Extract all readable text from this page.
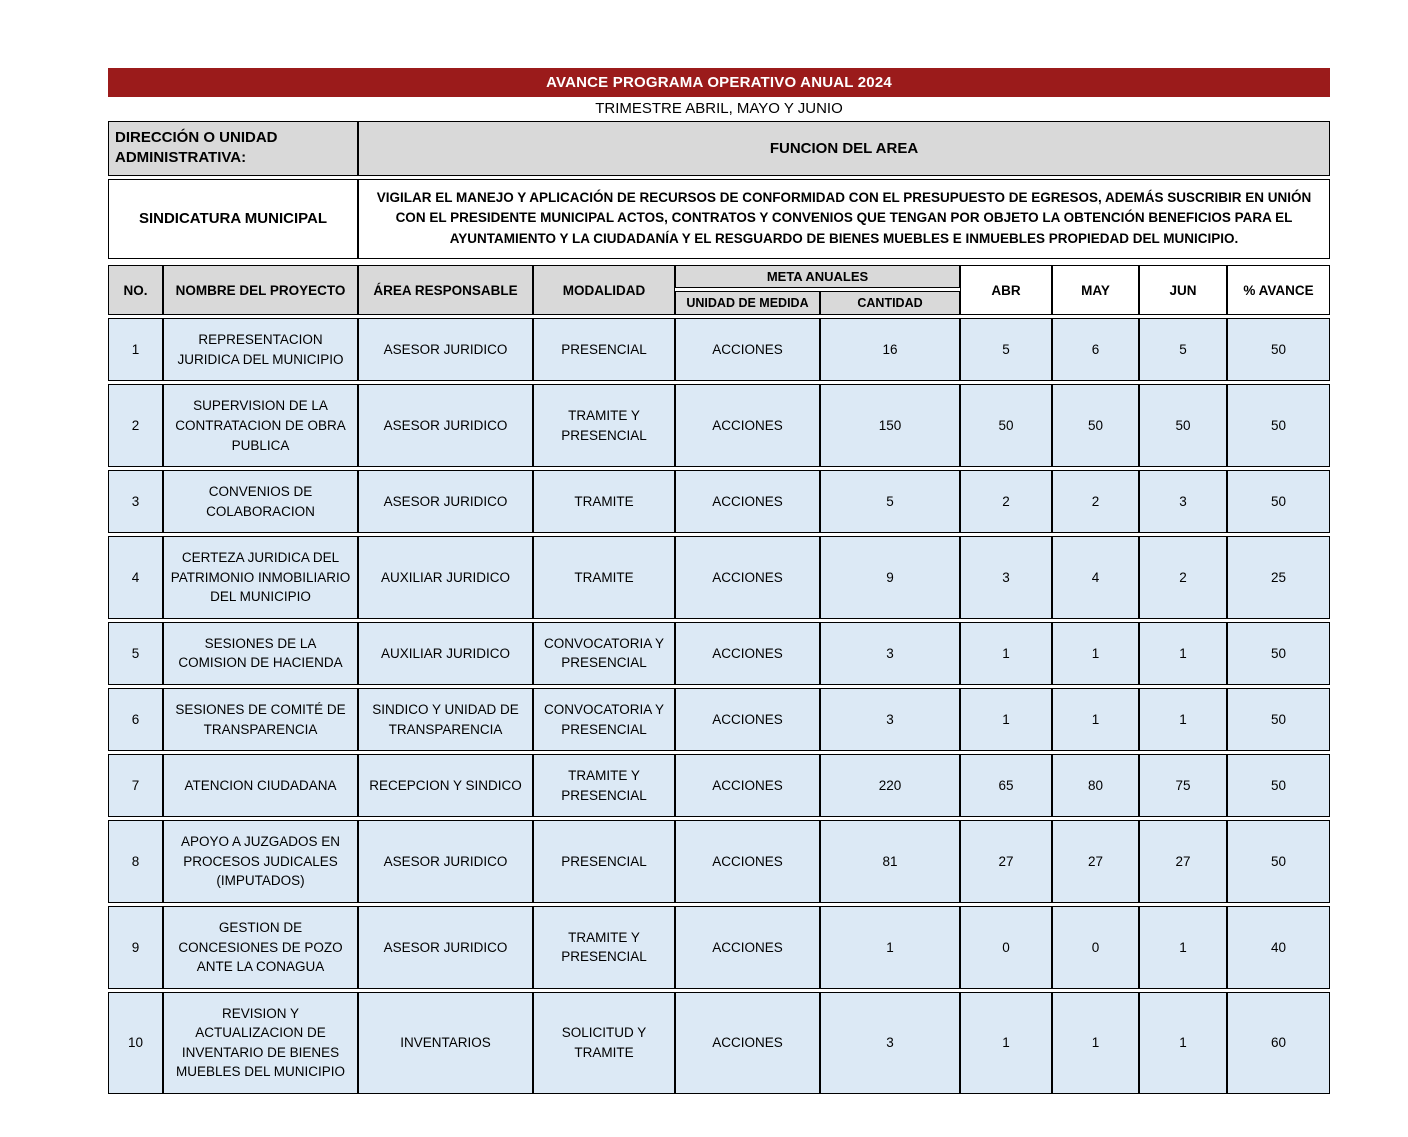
AVANCE PROGRAMA OPERATIVO ANUAL 2024
TRIMESTRE ABRIL, MAYO Y JUNIO
DIRECCIÓN O UNIDAD ADMINISTRATIVA:	FUNCION DEL AREA
SINDICATURA MUNICIPAL	VIGILAR EL MANEJO Y APLICACIÓN DE RECURSOS DE CONFORMIDAD CON EL PRESUPUESTO DE EGRESOS, ADEMÁS SUSCRIBIR EN UNIÓN CON EL PRESIDENTE MUNICIPAL ACTOS, CONTRATOS Y CONVENIOS QUE TENGAN POR OBJETO LA OBTENCIÓN BENEFICIOS PARA EL AYUNTAMIENTO Y LA CIUDADANÍA Y EL RESGUARDO DE BIENES MUEBLES E INMUEBLES PROPIEDAD DEL MUNICIPIO.
NO.	NOMBRE DEL PROYECTO	ÁREA RESPONSABLE	MODALIDAD	META ANUALES		ABR	MAY	JUN	% AVANCE
				UNIDAD DE MEDIDA	CANTIDAD				
1	REPRESENTACION JURIDICA DEL MUNICIPIO	ASESOR JURIDICO	PRESENCIAL	ACCIONES	16	5	6	5	50
2	SUPERVISION DE LA CONTRATACION DE OBRA PUBLICA	ASESOR JURIDICO	TRAMITE Y PRESENCIAL	ACCIONES	150	50	50	50	50
3	CONVENIOS DE COLABORACION	ASESOR JURIDICO	TRAMITE	ACCIONES	5	2	2	3	50
4	CERTEZA JURIDICA DEL PATRIMONIO INMOBILIARIO DEL MUNICIPIO	AUXILIAR JURIDICO	TRAMITE	ACCIONES	9	3	4	2	25
5	SESIONES DE LA COMISION DE HACIENDA	AUXILIAR JURIDICO	CONVOCATORIA Y PRESENCIAL	ACCIONES	3	1	1	1	50
6	SESIONES DE COMITÉ DE TRANSPARENCIA	SINDICO Y UNIDAD DE TRANSPARENCIA	CONVOCATORIA Y PRESENCIAL	ACCIONES	3	1	1	1	50
7	ATENCION CIUDADANA	RECEPCION Y SINDICO	TRAMITE Y PRESENCIAL	ACCIONES	220	65	80	75	50
8	APOYO A JUZGADOS EN PROCESOS JUDICALES (IMPUTADOS)	ASESOR JURIDICO	PRESENCIAL	ACCIONES	81	27	27	27	50
9	GESTION DE CONCESIONES DE POZO ANTE LA CONAGUA	ASESOR JURIDICO	TRAMITE Y PRESENCIAL	ACCIONES	1	0	0	1	40
10	REVISION Y ACTUALIZACION DE INVENTARIO DE BIENES MUEBLES DEL MUNICIPIO	INVENTARIOS	SOLICITUD Y TRAMITE	ACCIONES	3	1	1	1	60
